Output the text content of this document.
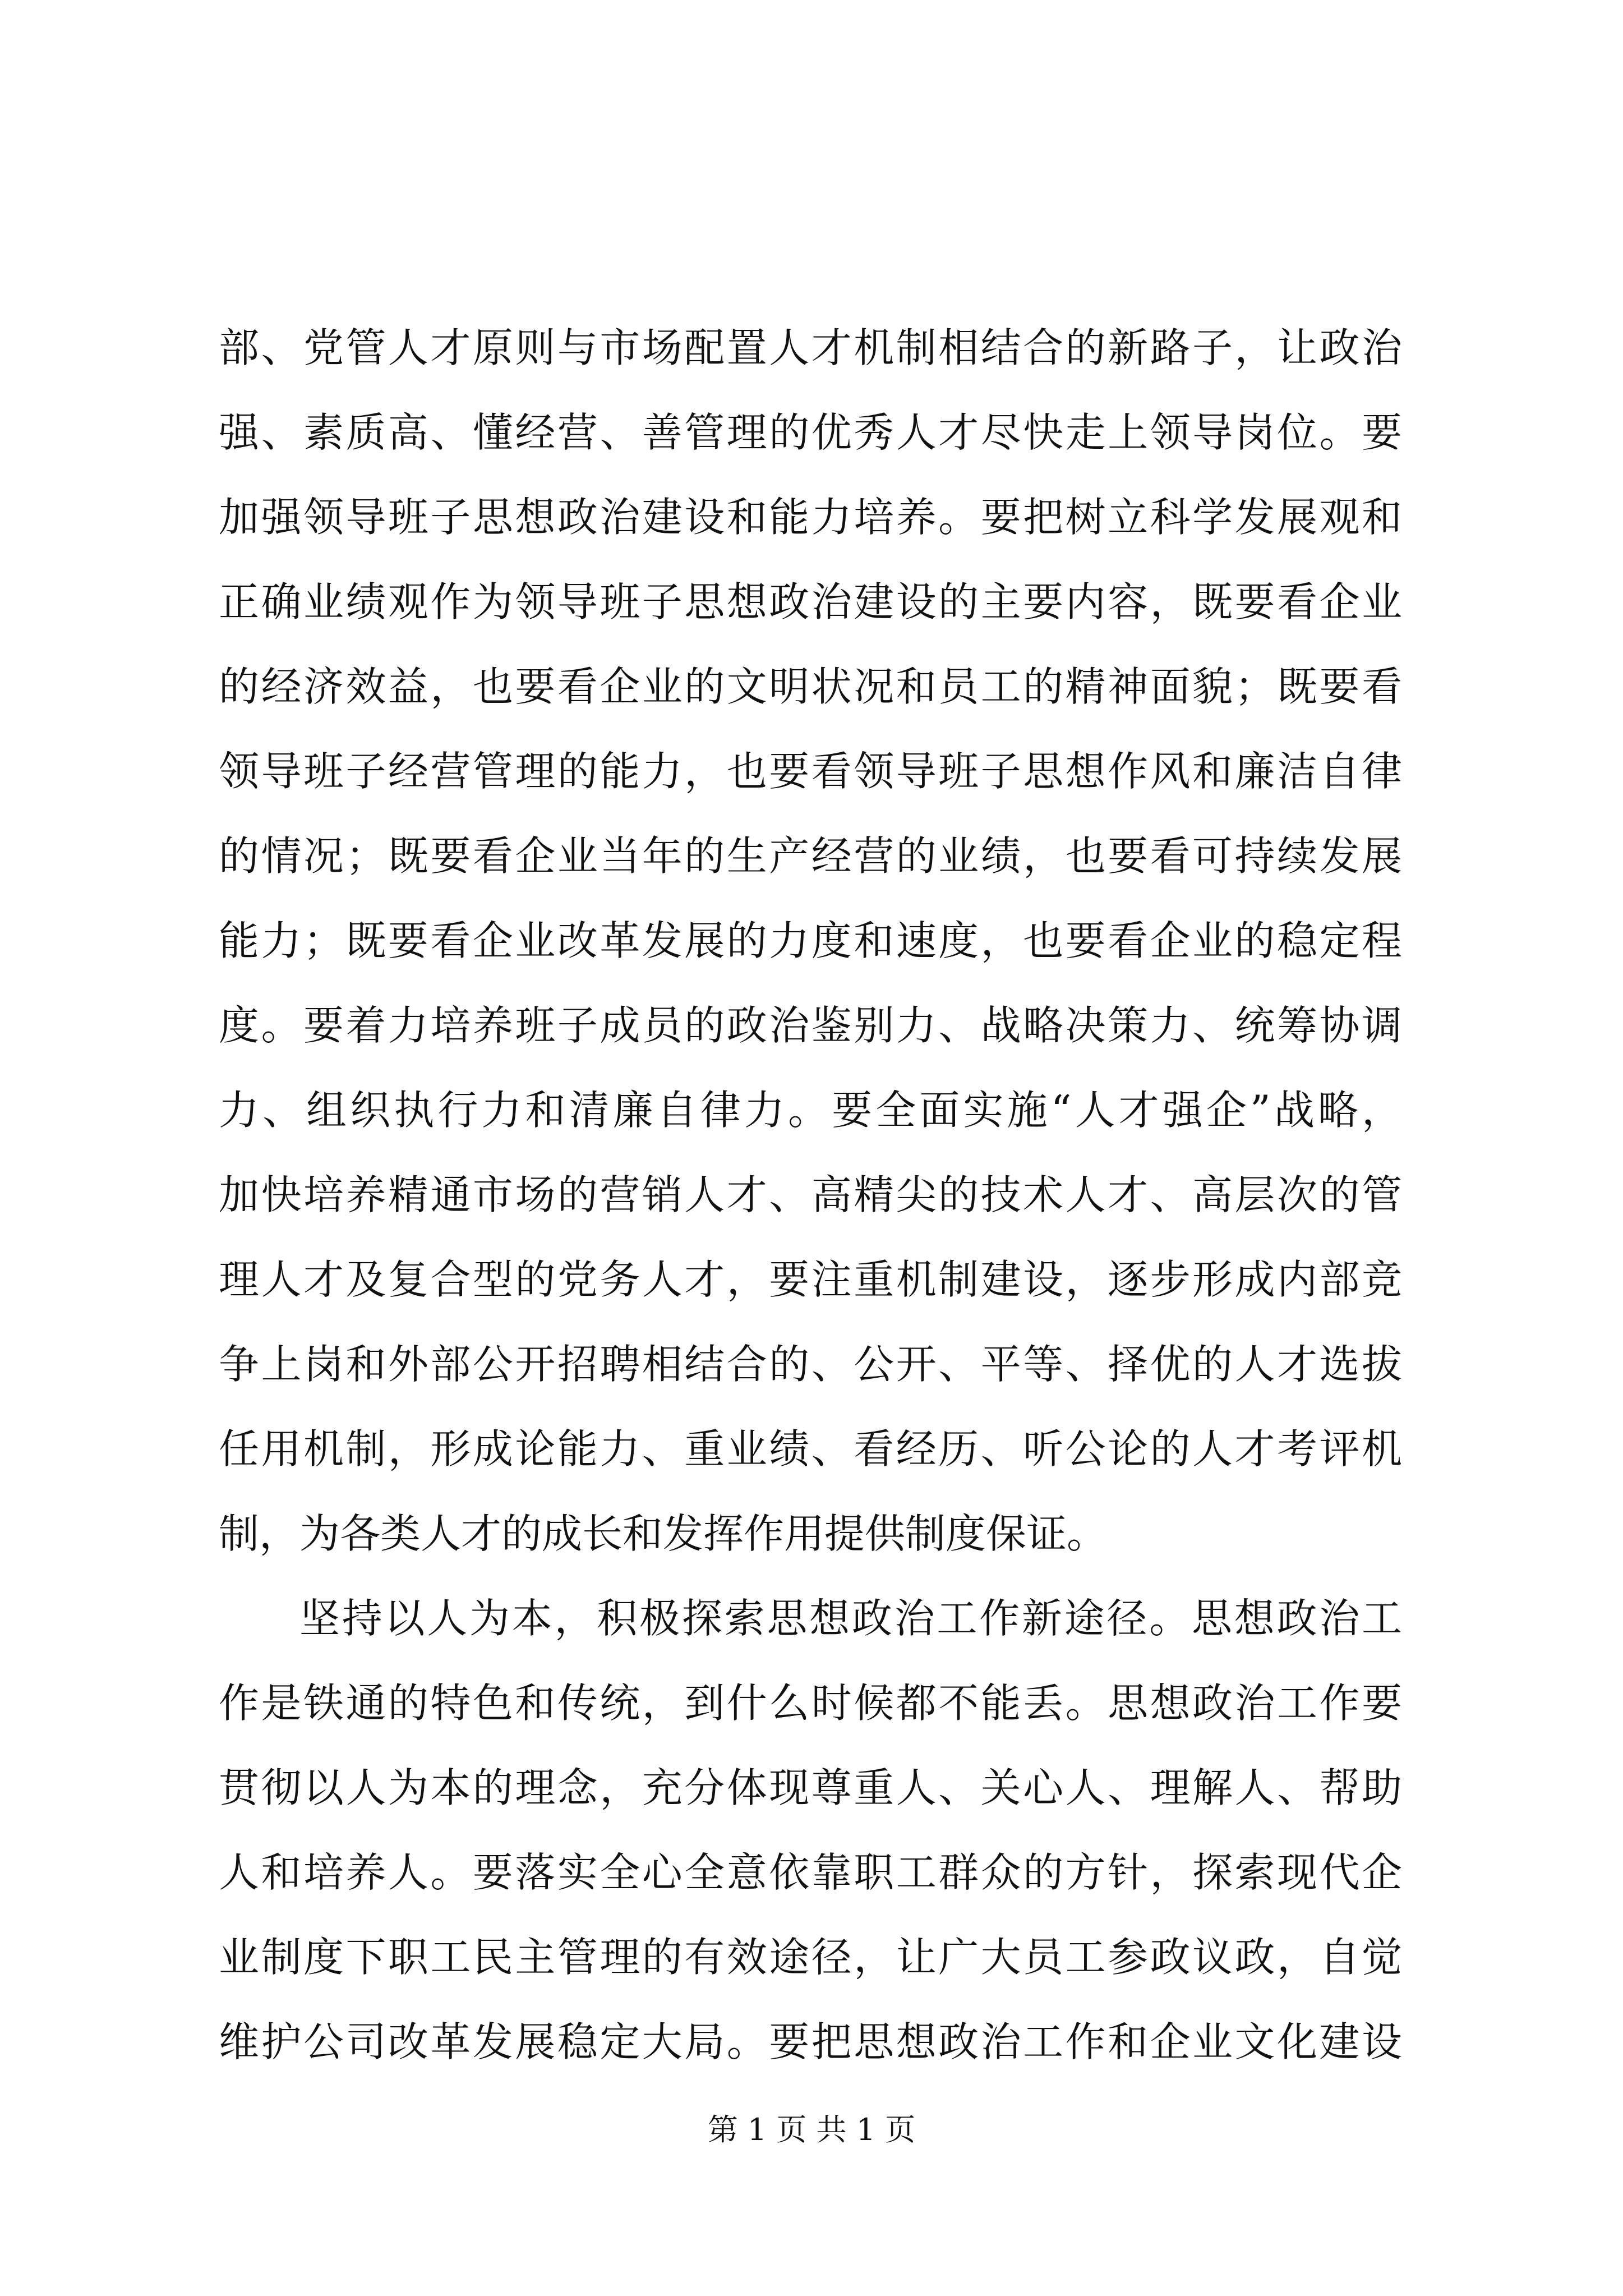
部、党管人才原则与市场配置人才机制相结合的新路子，让政治
强、素质高、懂经营、善管理的优秀人才尽快走上领导岗位。要
加强领导班子思想政治建设和能力培养。要把树立科学发展观和
正确业绩观作为领导班子思想政治建设的主要内容，既要看企业
的经济效益，也要看企业的文明状况和员工的精神面貌；既要看
领导班子经营管理的能力，也要看领导班子思想作风和廉洁自律
的情况；既要看企业当年的生产经营的业绩，也要看可持续发展
能力；既要看企业改革发展的力度和速度，也要看企业的稳定程
度。要着力培养班子成员的政治鉴别力、战略决策力、统筹协调
力、组织执行力和清廉自律力。要全面实施“人才强企”战略，
加快培养精通市场的营销人才、高精尖的技术人才、高层次的管
理人才及复合型的党务人才，要注重机制建设，逐步形成内部竞
争上岗和外部公开招聘相结合的、公开、平等、择优的人才选拔
任用机制，形成论能力、重业绩、看经历、听公论的人才考评机
制，为各类人才的成长和发挥作用提供制度保证。
坚持以人为本，积极探索思想政治工作新途径。思想政治工
作是铁通的特色和传统，到什么时候都不能丢。思想政治工作要
贯彻以人为本的理念，充分体现尊重人、关心人、理解人、帮助
人和培养人。要落实全心全意依靠职工群众的方针，探索现代企
业制度下职工民主管理的有效途径，让广大员工参政议政，自觉
维护公司改革发展稳定大局。要把思想政治工作和企业文化建设
第 1 页 共 1 页
